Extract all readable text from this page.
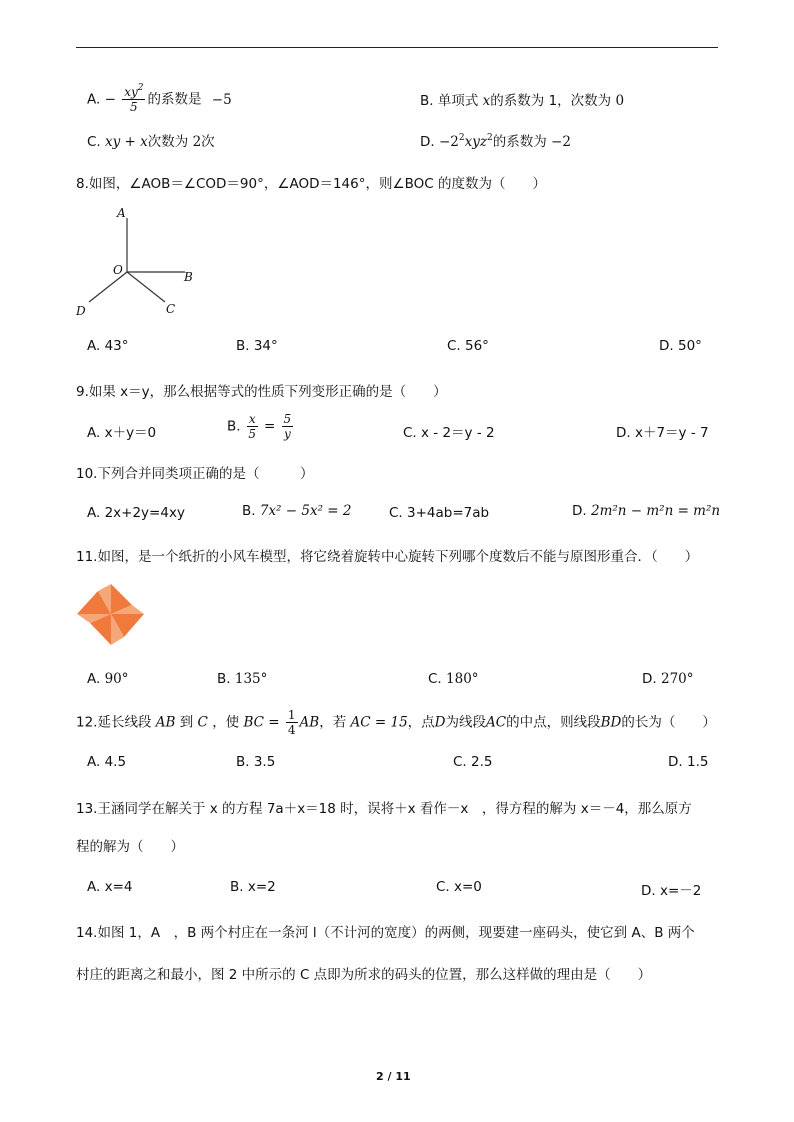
A. − $\frac{xy^2}{5}$ 的系数是 −5	B. 单项式 x的系数为 1，次数为 0
C. xy + x次数为 2次	D. $-2^2xyz^2$的系数为 −2
8.如图，∠AOB＝∠COD＝90°，∠AOD＝146°，则∠BOC 的度数为（　　）
A
O	B
C
D
A. 43°	B. 34°	C. 56°	D. 50°
9.如果 x＝y，那么根据等式的性质下列变形正确的是（　　）
A. x＋y＝0	B. $\frac{x}{5} = \frac{5}{y}$	C. x - 2＝y - 2	D. x＋7＝y - 7
10.下列合并同类项正确的是（　　　）
A. 2x+2y=4xy	B. 7x² − 5x² = 2	C. 3+4ab=7ab	D. 2m²n − m²n = m²n
11.如图，是一个纸折的小风车模型，将它绕着旋转中心旋转下列哪个度数后不能与原图形重合．（　　）
A. 90°	B. 135°	C. 180°	D. 270°
12.延长线段 AB 到 C ，使 BC = $\frac{1}{4}$ AB，若 AC = 15，点D为线段AC的中点，则线段BD的长为（　　）
A. 4.5	B. 3.5	C. 2.5	D. 1.5
13.王涵同学在解关于 x 的方程 7a＋x＝18 时，误将＋x 看作－x　，得方程的解为 x＝－4，那么原方
程的解为（　　）
A. x=4	B. x=2	C. x=0	D. x=－2
14.如图 1，A　，B 两个村庄在一条河 l（不计河的宽度）的两侧，现要建一座码头，使它到 A、B 两个
村庄的距离之和最小，图 2 中所示的 C 点即为所求的码头的位置，那么这样做的理由是（　　）
2 / 11
